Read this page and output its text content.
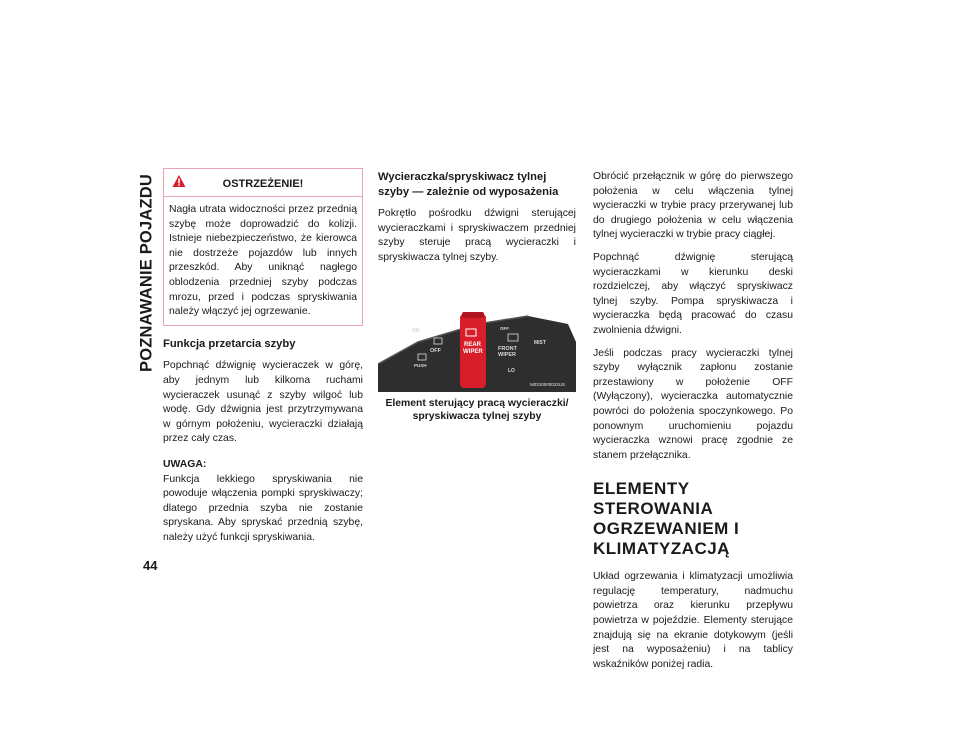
POZNAWANIE POJAZDU
44
OSTRZEŻENIE!
Nagła utrata widoczności przez przednią szybę może doprowadzić do kolizji. Istnieje niebezpieczeństwo, że kierowca nie dostrzeże pojazdów lub innych przeszkód. Aby uniknąć nagłego oblodzenia przedniej szyby podczas mrozu, przed i podczas spryskiwania należy włączyć jej ogrzewanie.
Funkcja przetarcia szyby

Popchnąć dźwignię wycieraczek w górę, aby jednym lub kilkoma ruchami wycieraczek usunąć z szyby wilgoć lub wodę. Gdy dźwignia jest przytrzymywana w górnym położeniu, wycieraczki działają przez cały czas.

UWAGA:

Funkcja lekkiego spryskiwania nie powoduje włączenia pompki spryskiwaczy; dlatego przednia szyba nie zostanie spryskana. Aby spryskać przednią szybę, należy użyć funkcji spryskiwania.

Wycieraczka/spryskiwacz tylnej szyby — zależnie od wyposażenia

Pokrętło pośrodku dźwigni sterującej wycieraczkami i spryskiwaczem przedniej szyby steruje pracą wycieraczki i spryskiwacza tylnej szyby.

ON
OFF
PUSH
FRONT
WIPER
MIST
LO
OFF
REAR
WIPER
M0310000022US
Element sterujący pracą wycieraczki/ spryskiwacza tylnej szyby

Obrócić przełącznik w górę do pierwszego położenia w celu włączenia tylnej wycieraczki w trybie pracy przerywanej lub do drugiego położenia w celu włączenia tylnej wycieraczki w trybie pracy ciągłej.

Popchnąć dźwignię sterującą wycieraczkami w kierunku deski rozdzielczej, aby włączyć spryskiwacz tylnej szyby. Pompa spryskiwacza i wycieraczka będą pracować do czasu zwolnienia dźwigni.

Jeśli podczas pracy wycieraczki tylnej szyby wyłącznik zapłonu zostanie przestawiony w położenie OFF (Wyłączony), wycieraczka automatycznie powróci do położenia spoczynkowego. Po ponownym uruchomieniu pojazdu wycieraczka wznowi pracę zgodnie ze stanem przełącznika.

ELEMENTY STEROWANIA OGRZEWANIEM I KLIMATYZACJĄ

Układ ogrzewania i klimatyzacji umożliwia regulację temperatury, nadmuchu powietrza oraz kierunku przepływu powietrza w pojeździe. Elementy sterujące znajdują się na ekranie dotykowym (jeśli jest na wyposażeniu) i na tablicy wskaźników poniżej radia.
